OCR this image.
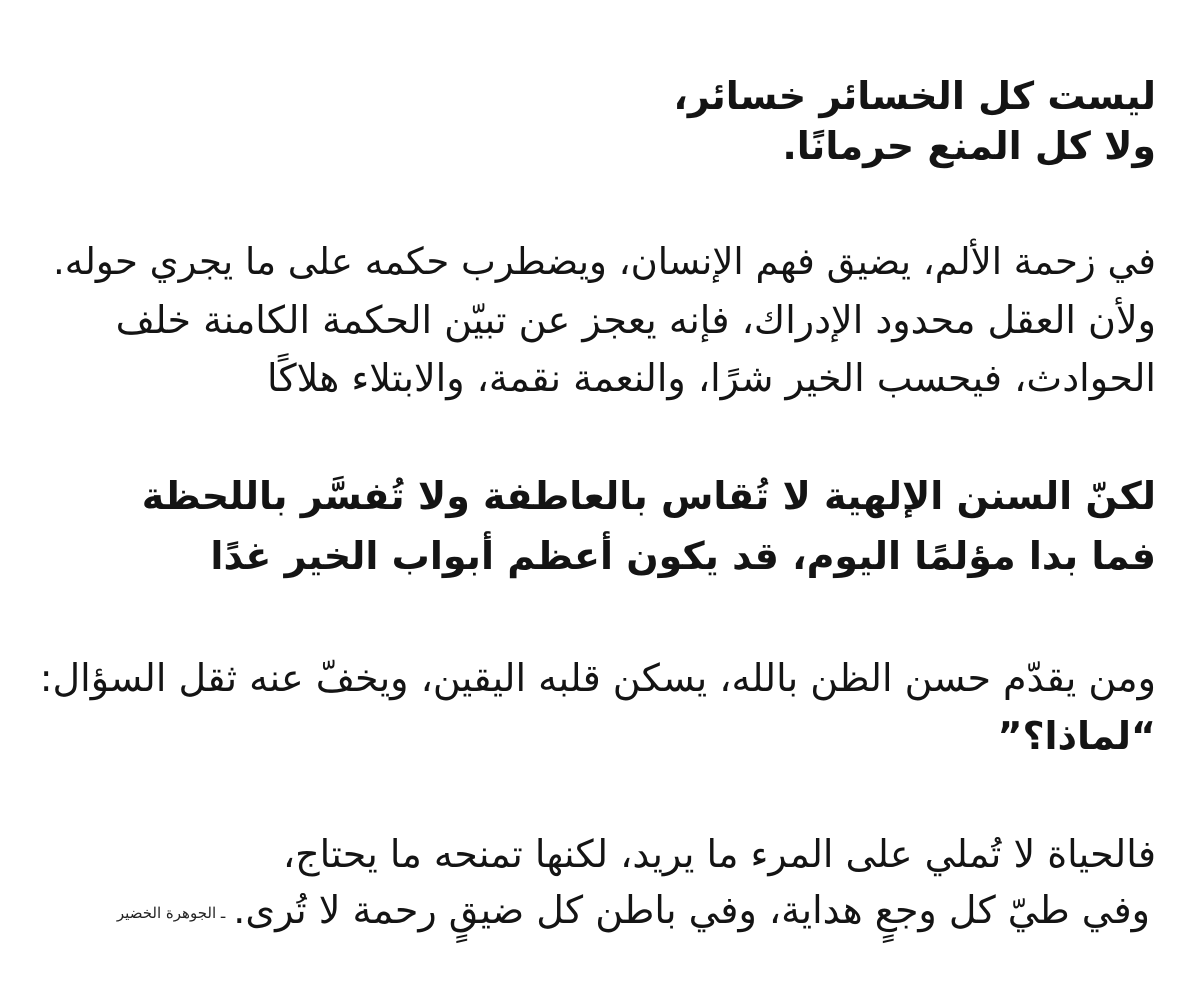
ليست كل الخسائر خسائر،
ولا كل المنع حرمانًا.
في زحمة الألم، يضيق فهم الإنسان، ويضطرب حكمه على ما يجري حوله.
ولأن العقل محدود الإدراك، فإنه يعجز عن تبيّن الحكمة الكامنة خلف
الحوادث، فيحسب الخير شرًا، والنعمة نقمة، والابتلاء هلاكًا
لكنّ السنن الإلهية لا تُقاس بالعاطفة ولا تُفسَّر باللحظة
فما بدا مؤلمًا اليوم، قد يكون أعظم أبواب الخير غدًا
ومن يقدّم حسن الظن بالله، يسكن قلبه اليقين، ويخفّ عنه ثقل السؤال:
“لماذا؟”
فالحياة لا تُملي على المرء ما يريد، لكنها تمنحه ما يحتاج،
وفي طيّ كل وجعٍ هداية، وفي باطن كل ضيقٍ رحمة لا تُرى.ـ الجوهرة الخضير
